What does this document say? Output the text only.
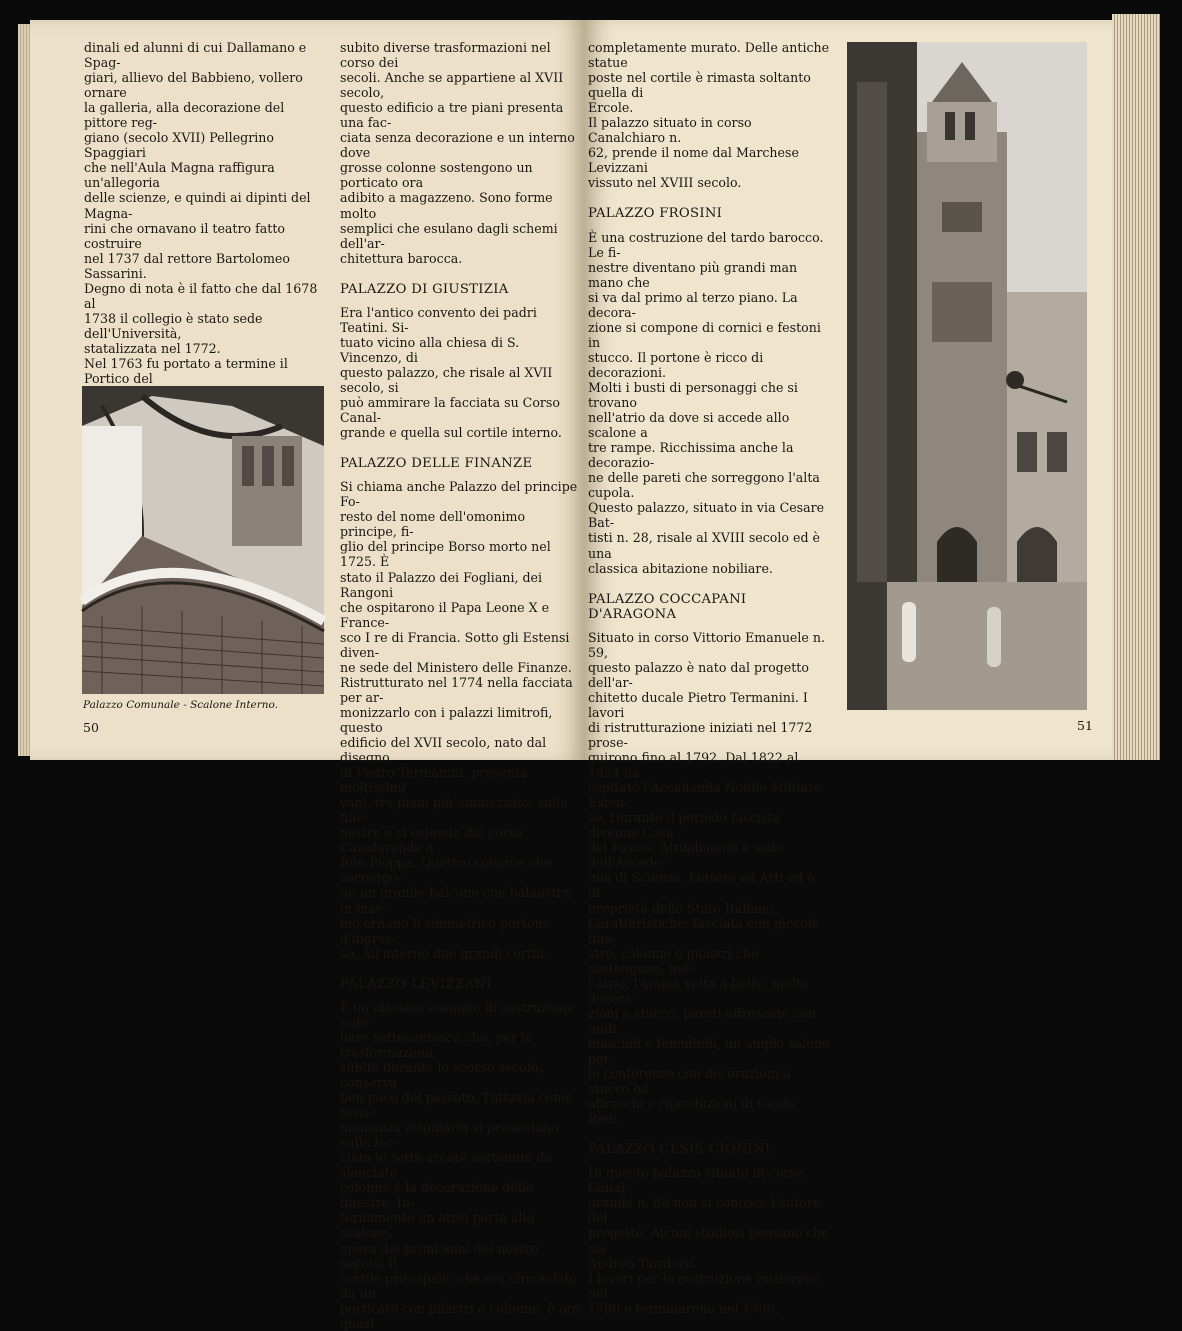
dinali ed alunni di cui Dallamano e Spag-

giari, allievo del Babbieno, vollero ornare

la galleria, alla decorazione del pittore reg-

giano (secolo XVII) Pellegrino Spaggiari

che nell'Aula Magna raffigura un'allegoria

delle scienze, e quindi ai dipinti del Magna-

rini che ornavano il teatro fatto costruire

nel 1737 dal rettore Bartolomeo Sassarini.

Degno di nota è il fatto che dal 1678 al

1738 il collegio è stato sede dell'Università,

statalizzata nel 1772.

Nel 1763 fu portato a termine il Portico del

Palazzo Comunale - Scalone Interno.
50

subito diverse trasformazioni nel corso dei

secoli. Anche se appartiene al XVII secolo,

questo edificio a tre piani presenta una fac-

ciata senza decorazione e un interno dove

grosse colonne sostengono un porticato ora

adibito a magazzeno. Sono forme molto

semplici che esulano dagli schemi dell'ar-

chitettura barocca.

PALAZZO DI GIUSTIZIA

Era l'antico convento dei padri Teatini. Si-

tuato vicino alla chiesa di S. Vincenzo, di

questo palazzo, che risale al XVII secolo, si

può ammirare la facciata su Corso Canal-

grande e quella sul cortile interno.

PALAZZO DELLE FINANZE

Si chiama anche Palazzo del principe Fo-

resto del nome dell'omonimo principe, fi-

glio del principe Borso morto nel 1725. È

stato il Palazzo dei Fogliani, dei Rangoni

che ospitarono il Papa Leone X e France-

sco I re di Francia. Sotto gli Estensi diven-

ne sede del Ministero delle Finanze.

Ristrutturato nel 1774 nella facciata per ar-

monizzarlo con i palazzi limitrofi, questo

edificio del XVII secolo, nato dal disegno

di Pietro Termanini, presenta moltissimi

vani, tre piani più ammezzato, sulle fine-

nestre e si estende dal corso Canalgrande a

Rua Pioppa. Quattro colonne che sorreggo-

no un grande balcone con balaustra in mar-

mo ornano il simmetrico portone d'ingres-

so. All'interno due grandi cortili.

PALAZZO LEVIZZANI

È un classico esempio di costruzione nobi-

liare settecentesca che, per le trasformazioni

subite durante lo scorso secolo, conserva

ben poco del passato. Tuttavia come testi-

monianza originaria si presentano sulla fac-

ciata le sette arcate sostenute da slanciate

colonne e la decorazione delle finestre. In-

ternamente un atrio porta allo scalone,

opera dei primi anni del nostro secolo. Il

cortile principale, che era circondato da un

porticato con pilastri e colonne, è ora quasi

completamente murato. Delle antiche statue

poste nel cortile è rimasta soltanto quella di

Ercole.

Il palazzo situato in corso Canalchiaro n.

62, prende il nome dal Marchese Levizzani

vissuto nel XVIII secolo.

PALAZZO FROSINI

È una costruzione del tardo barocco. Le fi-

nestre diventano più grandi man mano che

si va dal primo al terzo piano. La decora-

zione si compone di cornici e festoni in

stucco. Il portone è ricco di decorazioni.

Molti i busti di personaggi che si trovano

nell'atrio da dove si accede allo scalone a

tre rampe. Ricchissima anche la decorazio-

ne delle pareti che sorreggono l'alta cupola.

Questo palazzo, situato in via Cesare Bat-

tisti n. 28, risale al XVIII secolo ed è una

classica abitazione nobiliare.

PALAZZO COCCAPANI D'ARAGONA

Situato in corso Vittorio Emanuele n. 59,

questo palazzo è nato dal progetto dell'ar-

chitetto ducale Pietro Termanini. I lavori

di ristrutturazione iniziati nel 1772 prose-

guirono fino al 1792. Dal 1822 al 1824 ha

ospitato l'Accademia Nobile Militare Esten-

se. Durante il periodo fascista divenne Casa

del Fascio. Attualmente è sede dell'Accade-

mia di Scienze, Lettere ed Arti ed è di

proprietà dello Stato Italiano.

Caratteristiche: facciata con piccole fine-

stre, colonne e pilastri che sostengono, nel-

l'atrio, l'ampia volta a botte, molte decora-

zioni a stucco, pareti affrescate con nudi

maschili e femminili, un ampio salone per

le conferenze con decorazioni a stucco ed

affreschi e riproduzioni di Guido Reni.

PALAZZO CESIS-CIONINI

Di questo palazzo situato in corso Canal-

grande n. 88 non si conosce l'autore del

progetto. Alcuni studiosi pensano che sia

Andrea Tarabusi.

I lavori per la costruzione iniziarono nel

1780 e terminarono nel 1796.

51
